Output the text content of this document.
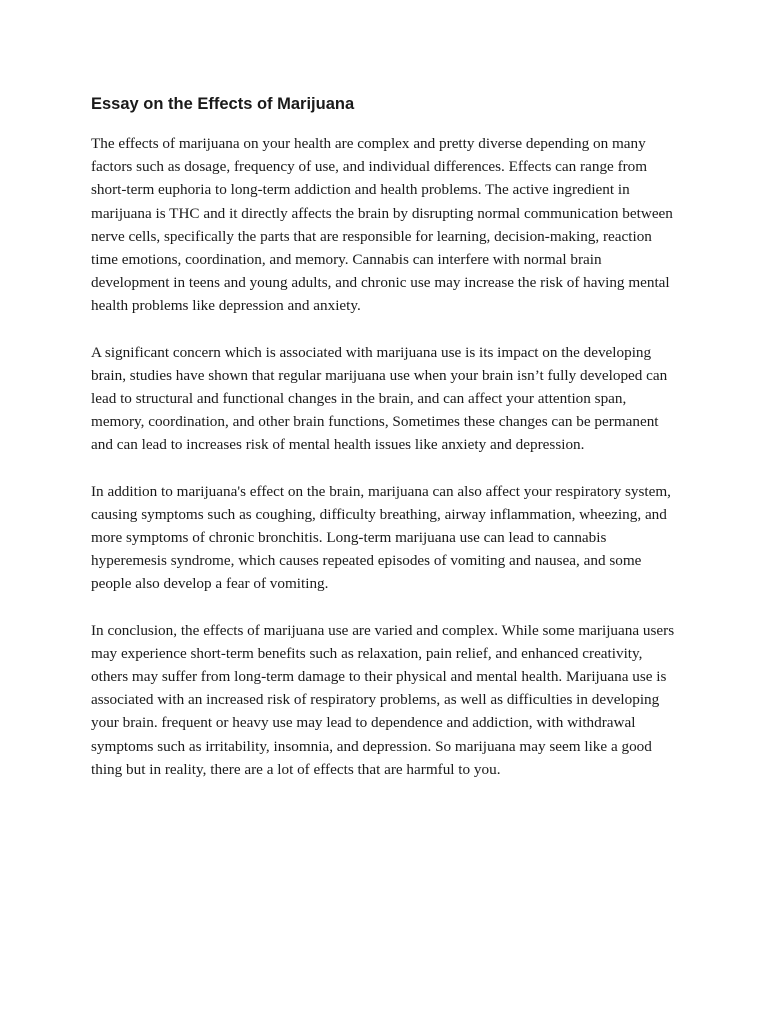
Essay on the Effects of Marijuana

The effects of marijuana on your health are complex and pretty diverse depending on many factors such as dosage, frequency of use, and individual differences. Effects can range from short-term euphoria to long-term addiction and health problems. The active ingredient in marijuana is THC and it directly affects the brain by disrupting normal communication between nerve cells, specifically the parts that are responsible for learning, decision-making, reaction time emotions, coordination, and memory. Cannabis can interfere with normal brain development in teens and young adults, and chronic use may increase the risk of having mental health problems like depression and anxiety.

A significant concern which is associated with marijuana use is its impact on the developing brain, studies have shown that regular marijuana use when your brain isn’t fully developed can lead to structural and functional changes in the brain, and can affect your attention span, memory, coordination, and other brain functions, Sometimes these changes can be permanent and can lead to increases risk of mental health issues like anxiety and depression.

In addition to marijuana's effect on the brain, marijuana can also affect your respiratory system, causing symptoms such as coughing, difficulty breathing, airway inflammation, wheezing, and more symptoms of chronic bronchitis. Long-term marijuana use can lead to cannabis hyperemesis syndrome, which causes repeated episodes of vomiting and nausea, and some people also develop a fear of vomiting.

In conclusion, the effects of marijuana use are varied and complex. While some marijuana users may experience short-term benefits such as relaxation, pain relief, and enhanced creativity, others may suffer from long-term damage to their physical and mental health. Marijuana use is associated with an increased risk of respiratory problems, as well as difficulties in developing your brain. frequent or heavy use may lead to dependence and addiction, with withdrawal symptoms such as irritability, insomnia, and depression. So marijuana may seem like a good thing but in reality, there are a lot of effects that are harmful to you.
